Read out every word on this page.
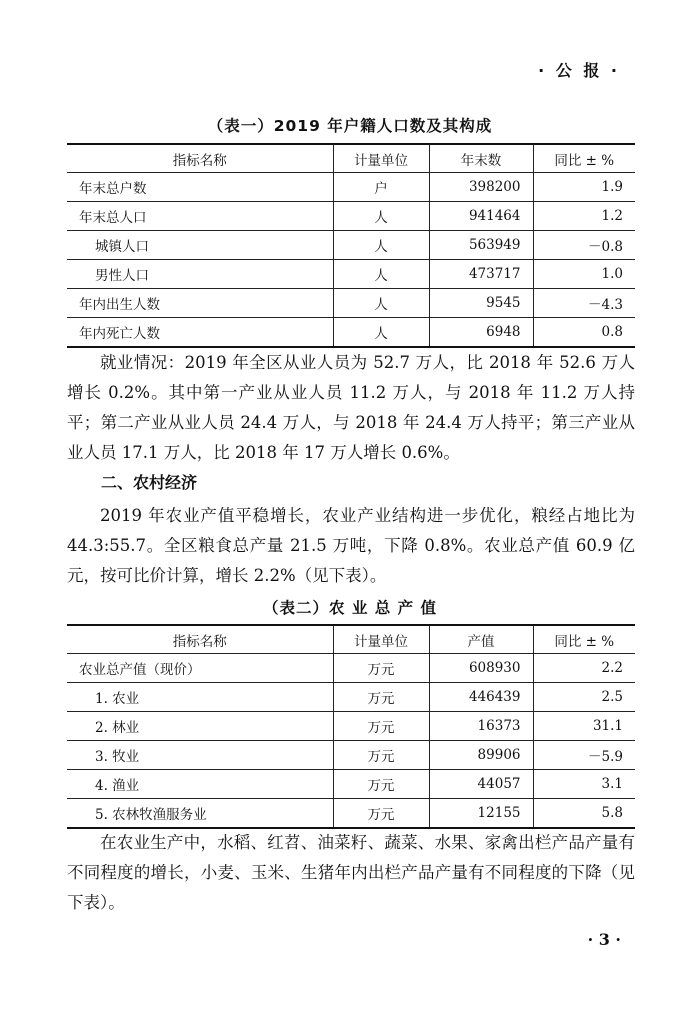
· 公 报 ·
（表一）2019 年户籍人口数及其构成
指标名称	计量单位	年末数	同比 ± %
年末总户数	户	398200	1.9
年末总人口	人	941464	1.2
城镇人口	人	563949	－0.8
男性人口	人	473717	1.0
年内出生人数	人	9545	－4.3
年内死亡人数	人	6948	0.8

就业情况：2019 年全区从业人员为 52.7 万人，比 2018 年 52.6 万人增长 0.2%。其中第一产业从业人员 11.2 万人，与 2018 年 11.2 万人持平；第二产业从业人员 24.4 万人，与 2018 年 24.4 万人持平；第三产业从业人员 17.1 万人，比 2018 年 17 万人增长 0.6%。

二、农村经济

2019 年农业产值平稳增长，农业产业结构进一步优化，粮经占地比为 44.3:55.7。全区粮食总产量 21.5 万吨，下降 0.8%。农业总产值 60.9 亿元，按可比价计算，增长 2.2%（见下表）。

（表二）农 业 总 产 值
指标名称	计量单位	产值	同比 ± %
农业总产值（现价）	万元	608930	2.2
1. 农业	万元	446439	2.5
2. 林业	万元	16373	31.1
3. 牧业	万元	89906	－5.9
4. 渔业	万元	44057	3.1
5. 农林牧渔服务业	万元	12155	5.8

在农业生产中，水稻、红苕、油菜籽、蔬菜、水果、家禽出栏产品产量有不同程度的增长，小麦、玉米、生猪年内出栏产品产量有不同程度的下降（见下表）。

· 3 ·
